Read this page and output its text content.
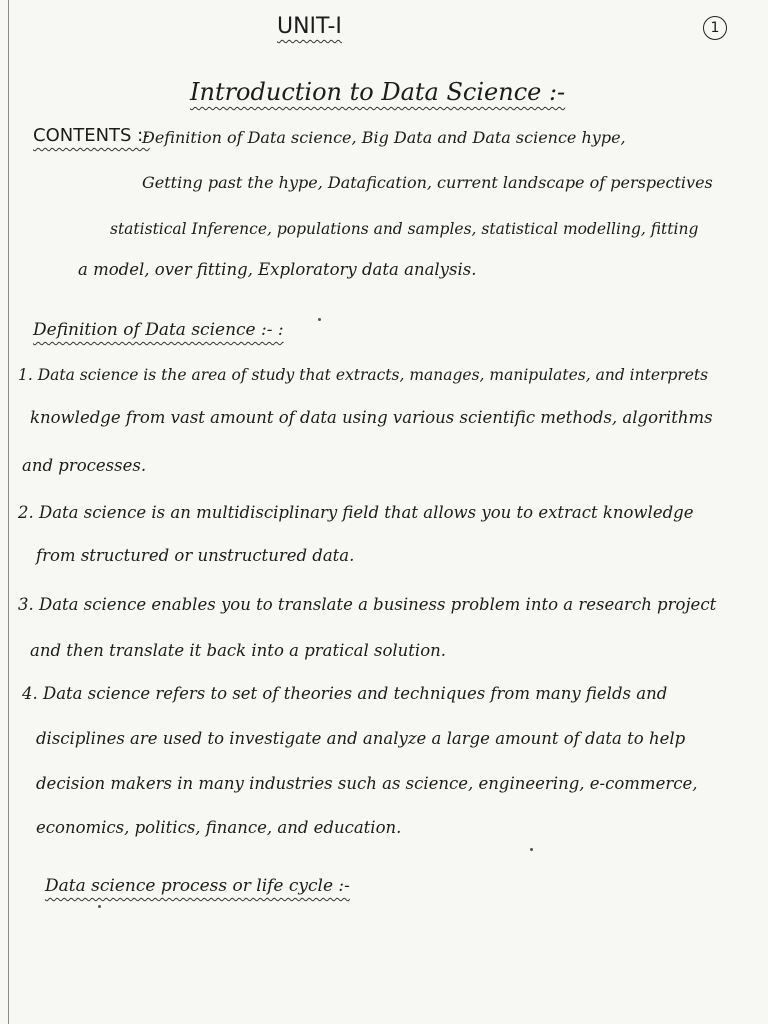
UNIT-I	1
Introduction to Data Science :-
CONTENTS :-
Definition of Data science, Big Data and Data science hype,
Getting past the hype, Datafication, current landscape of perspectives
statistical Inference, populations and samples, statistical modelling, fitting
a model, over fitting, Exploratory data analysis.
Definition of Data science :- :
1. Data science is the area of study that extracts, manages, manipulates, and interprets
knowledge from vast amount of data using various scientific methods, algorithms
and processes.
2. Data science is an multidisciplinary field that allows you to extract knowledge
from structured or unstructured data.
3. Data science enables you to translate a business problem into a research project
and then translate it back into a pratical solution.
4. Data science refers to set of theories and techniques from many fields and
disciplines are used to investigate and analyze a large amount of data to help
decision makers in many industries such as science, engineering, e-commerce,
economics, politics, finance, and education.
Data science process or life cycle :-
